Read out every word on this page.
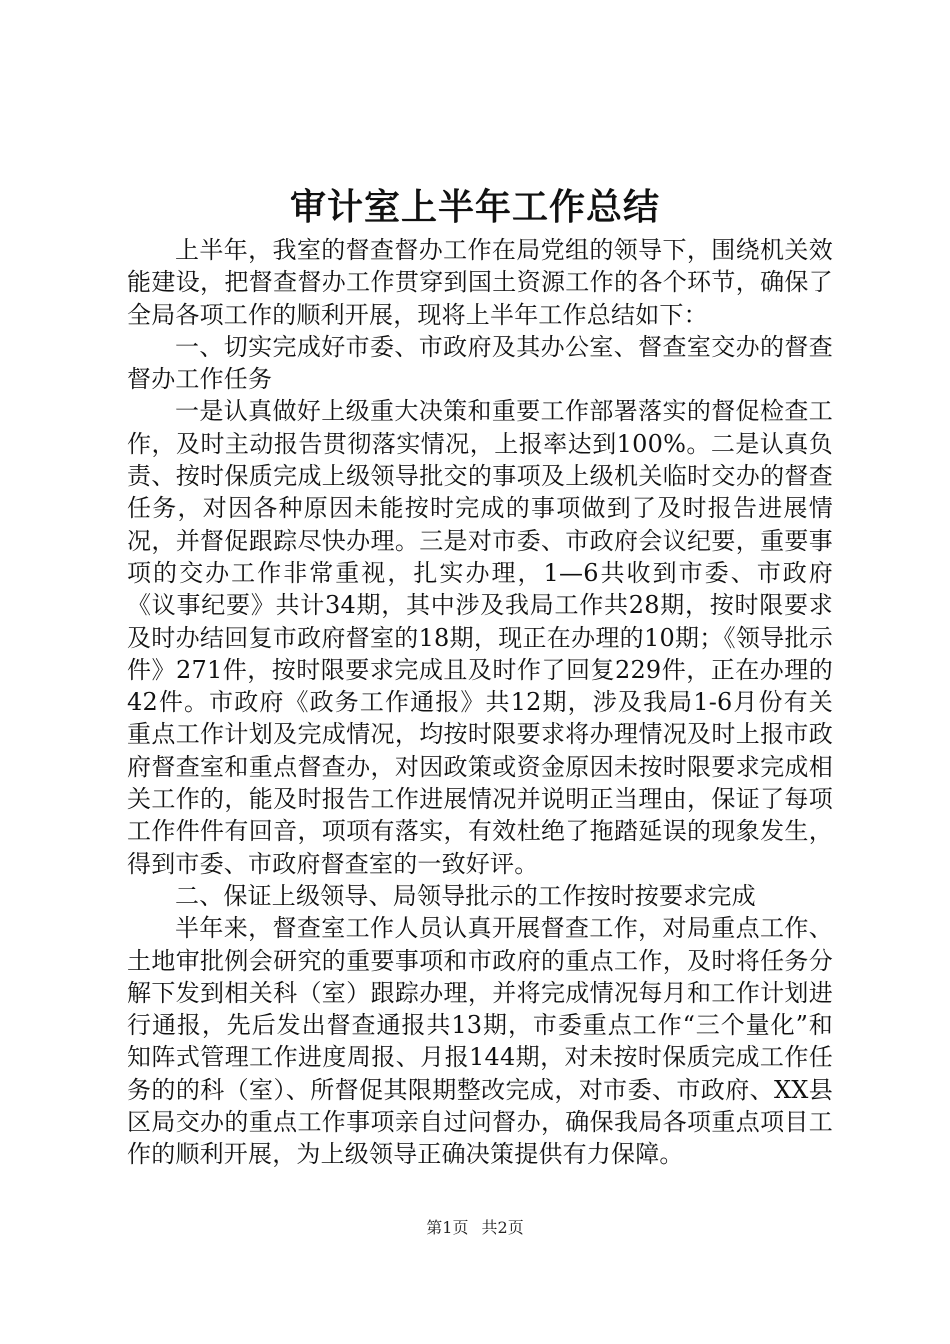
审计室上半年工作总结

上半年，我室的督查督办工作在局党组的领导下，围绕机关效能建设，把督查督办工作贯穿到国土资源工作的各个环节，确保了全局各项工作的顺利开展，现将上半年工作总结如下：

一、切实完成好市委、市政府及其办公室、督查室交办的督查督办工作任务

一是认真做好上级重大决策和重要工作部署落实的督促检查工作，及时主动报告贯彻落实情况，上报率达到100%。二是认真负责、按时保质完成上级领导批交的事项及上级机关临时交办的督查任务，对因各种原因未能按时完成的事项做到了及时报告进展情况，并督促跟踪尽快办理。三是对市委、市政府会议纪要，重要事项的交办工作非常重视，扎实办理，1—6共收到市委、市政府《议事纪要》共计34期，其中涉及我局工作共28期，按时限要求及时办结回复市政府督室的18期，现正在办理的10期；《领导批示件》271件，按时限要求完成且及时作了回复229件，正在办理的42件。市政府《政务工作通报》共12期，涉及我局1-6月份有关重点工作计划及完成情况，均按时限要求将办理情况及时上报市政府督查室和重点督查办，对因政策或资金原因未按时限要求完成相关工作的，能及时报告工作进展情况并说明正当理由，保证了每项工作件件有回音，项项有落实，有效杜绝了拖踏延误的现象发生，得到市委、市政府督查室的一致好评。

二、保证上级领导、局领导批示的工作按时按要求完成

半年来，督查室工作人员认真开展督查工作，对局重点工作、土地审批例会研究的重要事项和市政府的重点工作，及时将任务分解下发到相关科（室）跟踪办理，并将完成情况每月和工作计划进行通报，先后发出督查通报共13期，市委重点工作“三个量化”和知阵式管理工作进度周报、月报144期，对未按时保质完成工作任务的的科（室）、所督促其限期整改完成，对市委、市政府、XX县区局交办的重点工作事项亲自过问督办，确保我局各项重点项目工作的顺利开展，为上级领导正确决策提供有力保障。

第1页 共2页
